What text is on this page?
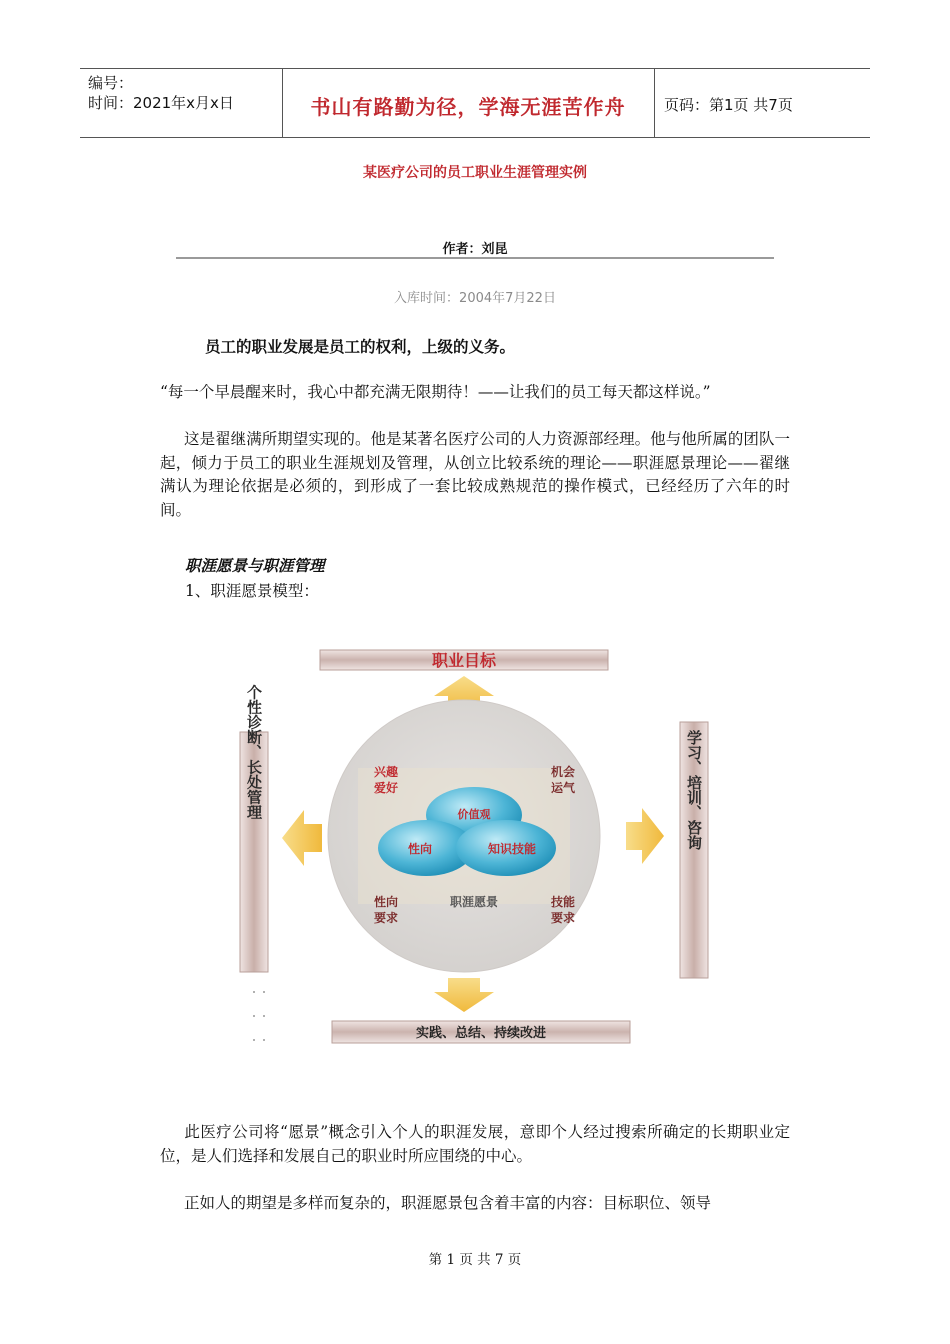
编号：
时间：2021年x月x日	书山有路勤为径，学海无涯苦作舟	页码：第1页 共7页
某医疗公司的员工职业生涯管理实例
作者：刘昆
入库时间：2004年7月22日
员工的职业发展是员工的权利，上级的义务。
“每一个早晨醒来时，我心中都充满无限期待！——让我们的员工每天都这样说。”
这是翟继满所期望实现的。他是某著名医疗公司的人力资源部经理。他与他所属的团队一起，倾力于员工的职业生涯规划及管理，从创立比较系统的理论——职涯愿景理论——翟继满认为理论依据是必须的，到形成了一套比较成熟规范的操作模式，已经经历了六年的时间。
职涯愿景与职涯管理
1、职涯愿景模型：
职业目标
价值观
性向	知识技能
兴趣
爱好
机会
运气
性向
要求
技能
要求
职涯愿景
个性诊断、长处管理	学习、培训、咨询
实践、总结、持续改进
此医疗公司将“愿景”概念引入个人的职涯发展，意即个人经过搜索所确定的长期职业定位，是人们选择和发展自己的职业时所应围绕的中心。
正如人的期望是多样而复杂的，职涯愿景包含着丰富的内容：目标职位、领导
第 1 页 共 7 页
